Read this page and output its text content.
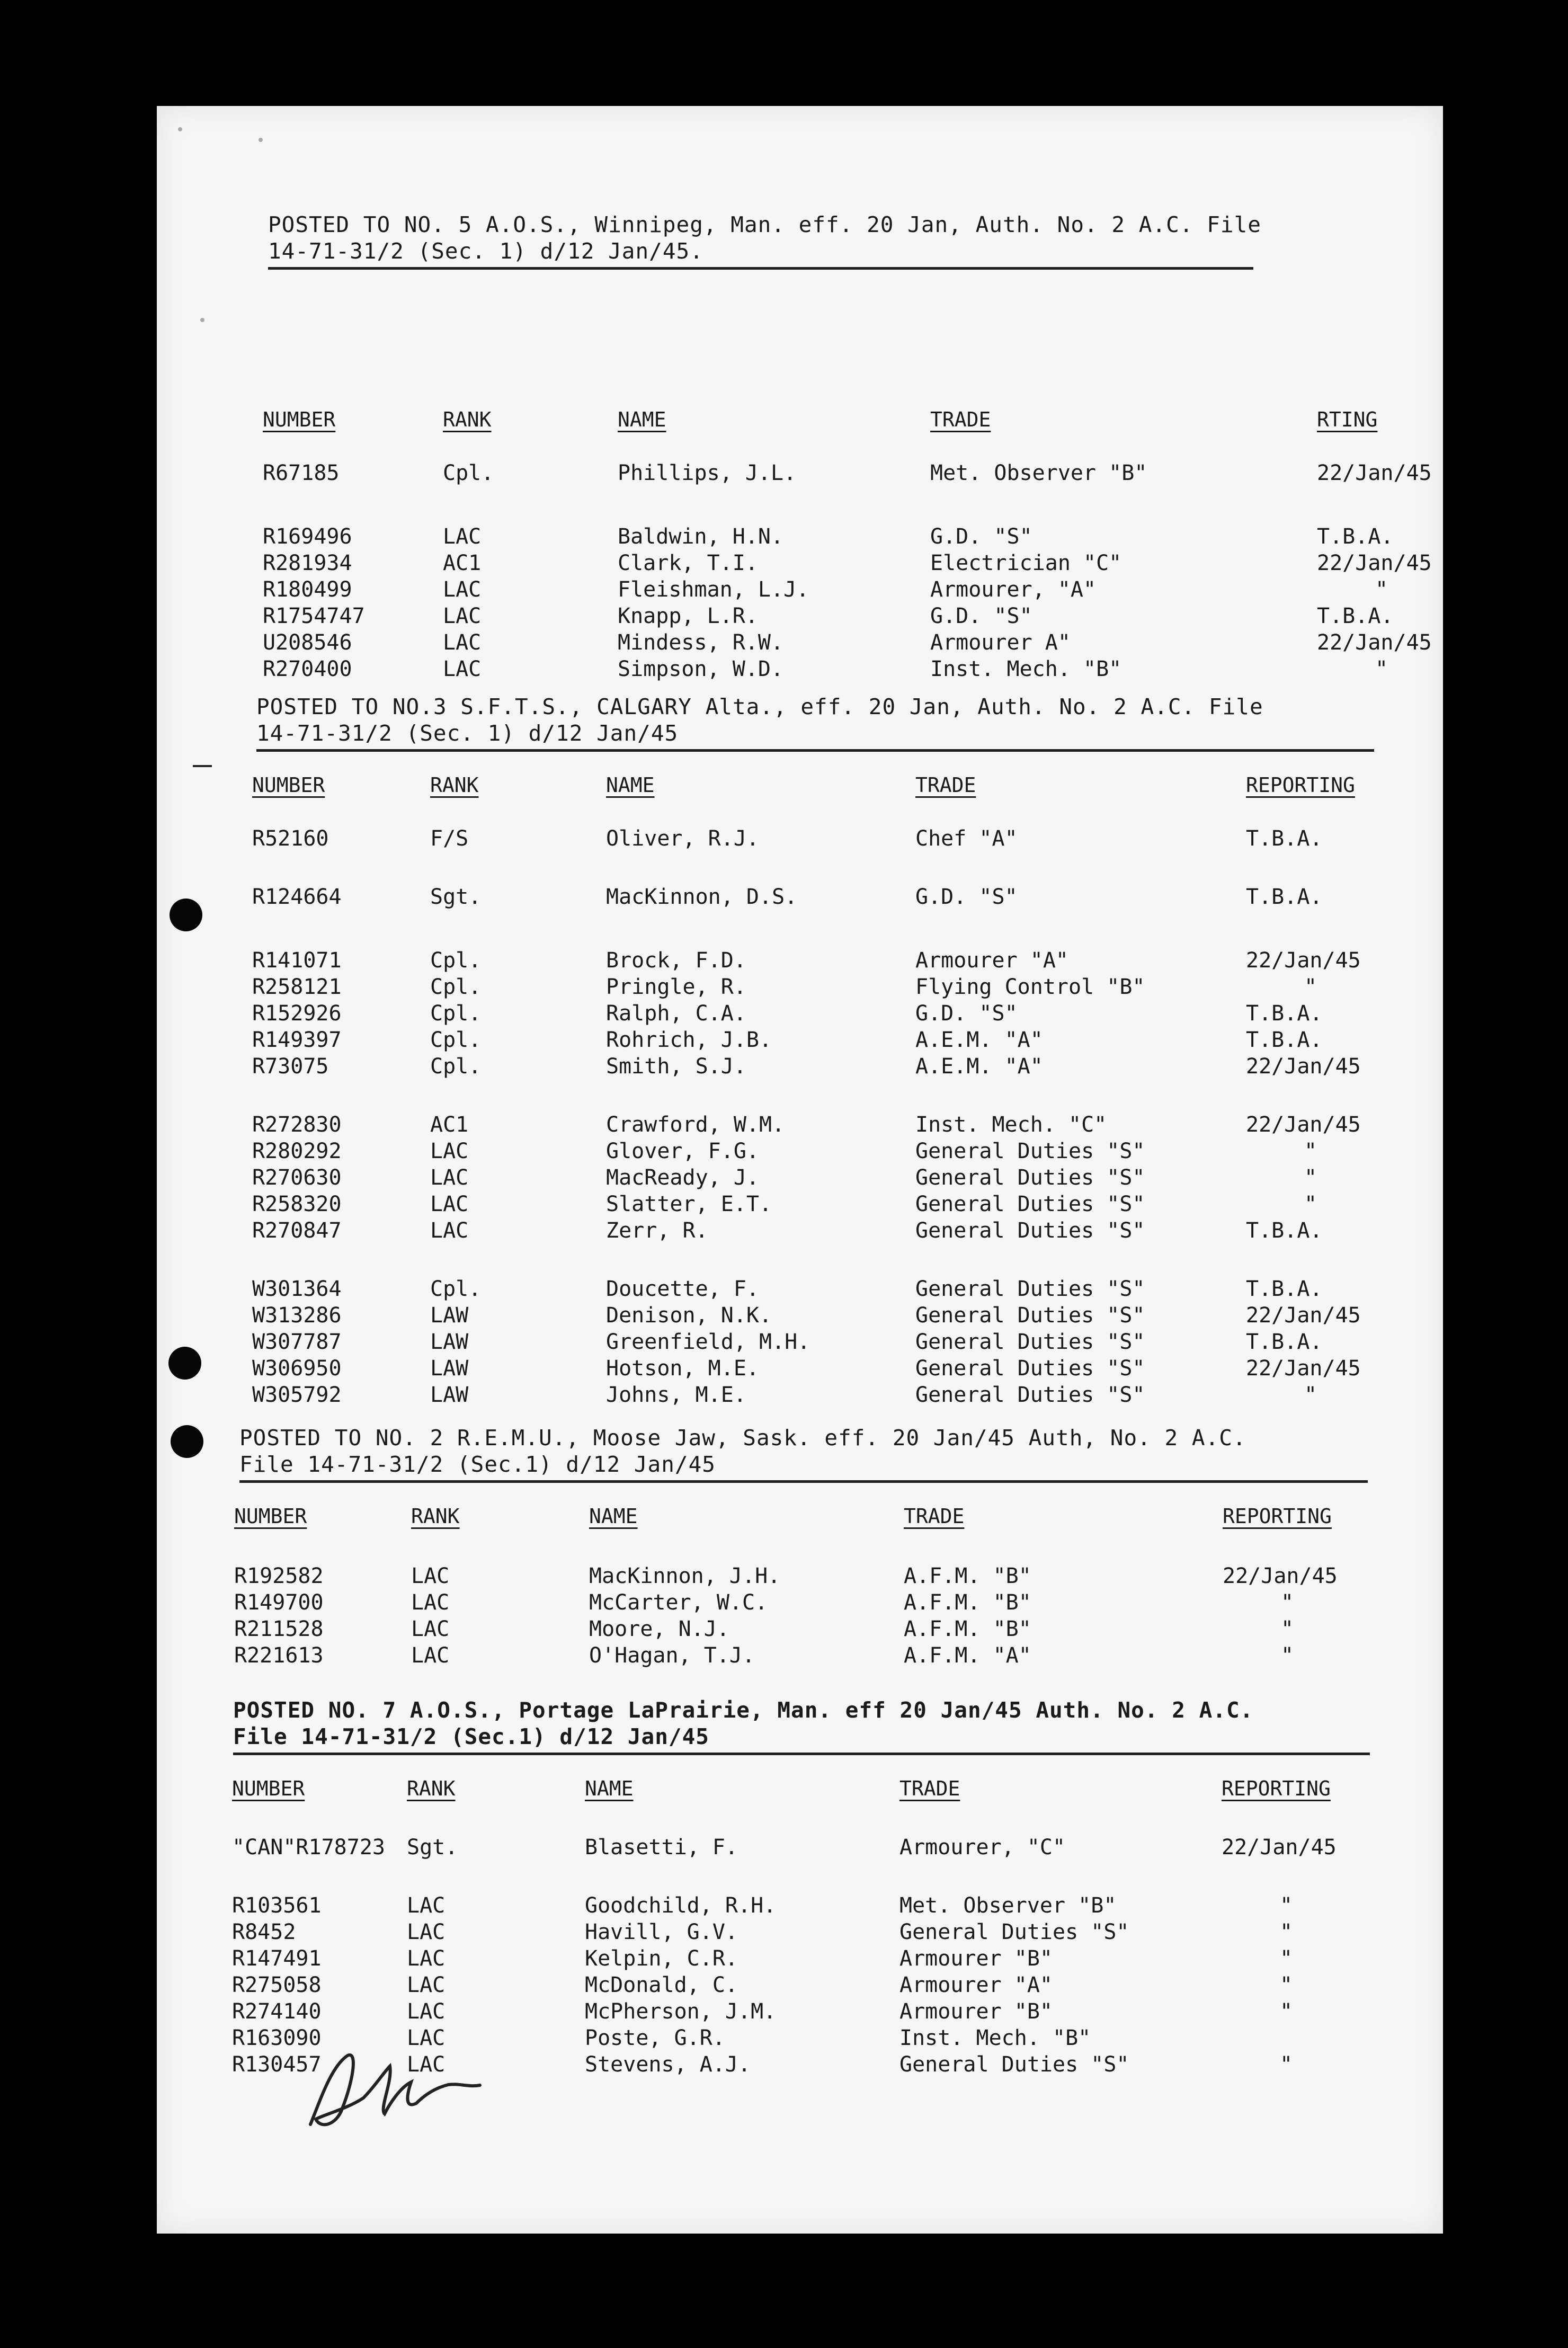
POSTED TO NO. 5 A.O.S., Winnipeg, Man. eff. 20 Jan, Auth. No. 2 A.C. File
14-71-31/2 (Sec. 1) d/12 Jan/45.
NUMBER	RANK	NAME	TRADE	RTING
R67185	Cpl.	Phillips, J.L.	Met. Observer "B"	22/Jan/45
R169496	LAC	Baldwin, H.N.	G.D. "S"	T.B.A.
R281934	AC1	Clark, T.I.	Electrician "C"	22/Jan/45
R180499	LAC	Fleishman, L.J.	Armourer, "A"	"
R1754747	LAC	Knapp, L.R.	G.D. "S"	T.B.A.
U208546	LAC	Mindess, R.W.	Armourer A"	22/Jan/45
R270400	LAC	Simpson, W.D.	Inst. Mech. "B"	"
POSTED TO NO.3 S.F.T.S., CALGARY Alta., eff. 20 Jan, Auth. No. 2 A.C. File
14-71-31/2 (Sec. 1) d/12 Jan/45
NUMBER	RANK	NAME	TRADE	REPORTING
R52160	F/S	Oliver, R.J.	Chef "A"	T.B.A.
R124664	Sgt.	MacKinnon, D.S.	G.D. "S"	T.B.A.
R141071	Cpl.	Brock, F.D.	Armourer "A"	22/Jan/45
R258121	Cpl.	Pringle, R.	Flying Control "B"	"
R152926	Cpl.	Ralph, C.A.	G.D. "S"	T.B.A.
R149397	Cpl.	Rohrich, J.B.	A.E.M. "A"	T.B.A.
R73075	Cpl.	Smith, S.J.	A.E.M. "A"	22/Jan/45
R272830	AC1	Crawford, W.M.	Inst. Mech. "C"	22/Jan/45
R280292	LAC	Glover, F.G.	General Duties "S"	"
R270630	LAC	MacReady, J.	General Duties "S"	"
R258320	LAC	Slatter, E.T.	General Duties "S"	"
R270847	LAC	Zerr, R.	General Duties "S"	T.B.A.
W301364	Cpl.	Doucette, F.	General Duties "S"	T.B.A.
W313286	LAW	Denison, N.K.	General Duties "S"	22/Jan/45
W307787	LAW	Greenfield, M.H.	General Duties "S"	T.B.A.
W306950	LAW	Hotson, M.E.	General Duties "S"	22/Jan/45
W305792	LAW	Johns, M.E.	General Duties "S"	"
POSTED TO NO. 2 R.E.M.U., Moose Jaw, Sask. eff. 20 Jan/45 Auth, No. 2 A.C.
File 14-71-31/2 (Sec.1) d/12 Jan/45
NUMBER	RANK	NAME	TRADE	REPORTING
R192582	LAC	MacKinnon, J.H.	A.F.M. "B"	22/Jan/45
R149700	LAC	McCarter, W.C.	A.F.M. "B"	"
R211528	LAC	Moore, N.J.	A.F.M. "B"	"
R221613	LAC	O'Hagan, T.J.	A.F.M. "A"	"
POSTED NO. 7 A.O.S., Portage LaPrairie, Man. eff 20 Jan/45 Auth. No. 2 A.C.
File 14-71-31/2 (Sec.1) d/12 Jan/45
NUMBER	RANK	NAME	TRADE	REPORTING
"CAN"R178723 Sgt.	Blasetti, F.	Armourer, "C"	22/Jan/45
R103561	LAC	Goodchild, R.H.	Met. Observer "B"	"
R8452	LAC	Havill, G.V.	General Duties "S"	"
R147491	LAC	Kelpin, C.R.	Armourer "B"	"
R275058	LAC	McDonald, C.	Armourer "A"	"
R274140	LAC	McPherson, J.M.	Armourer "B"	"
R163090	LAC	Poste, G.R.	Inst. Mech. "B"
R130457	LAC	Stevens, A.J.	General Duties "S"	"
